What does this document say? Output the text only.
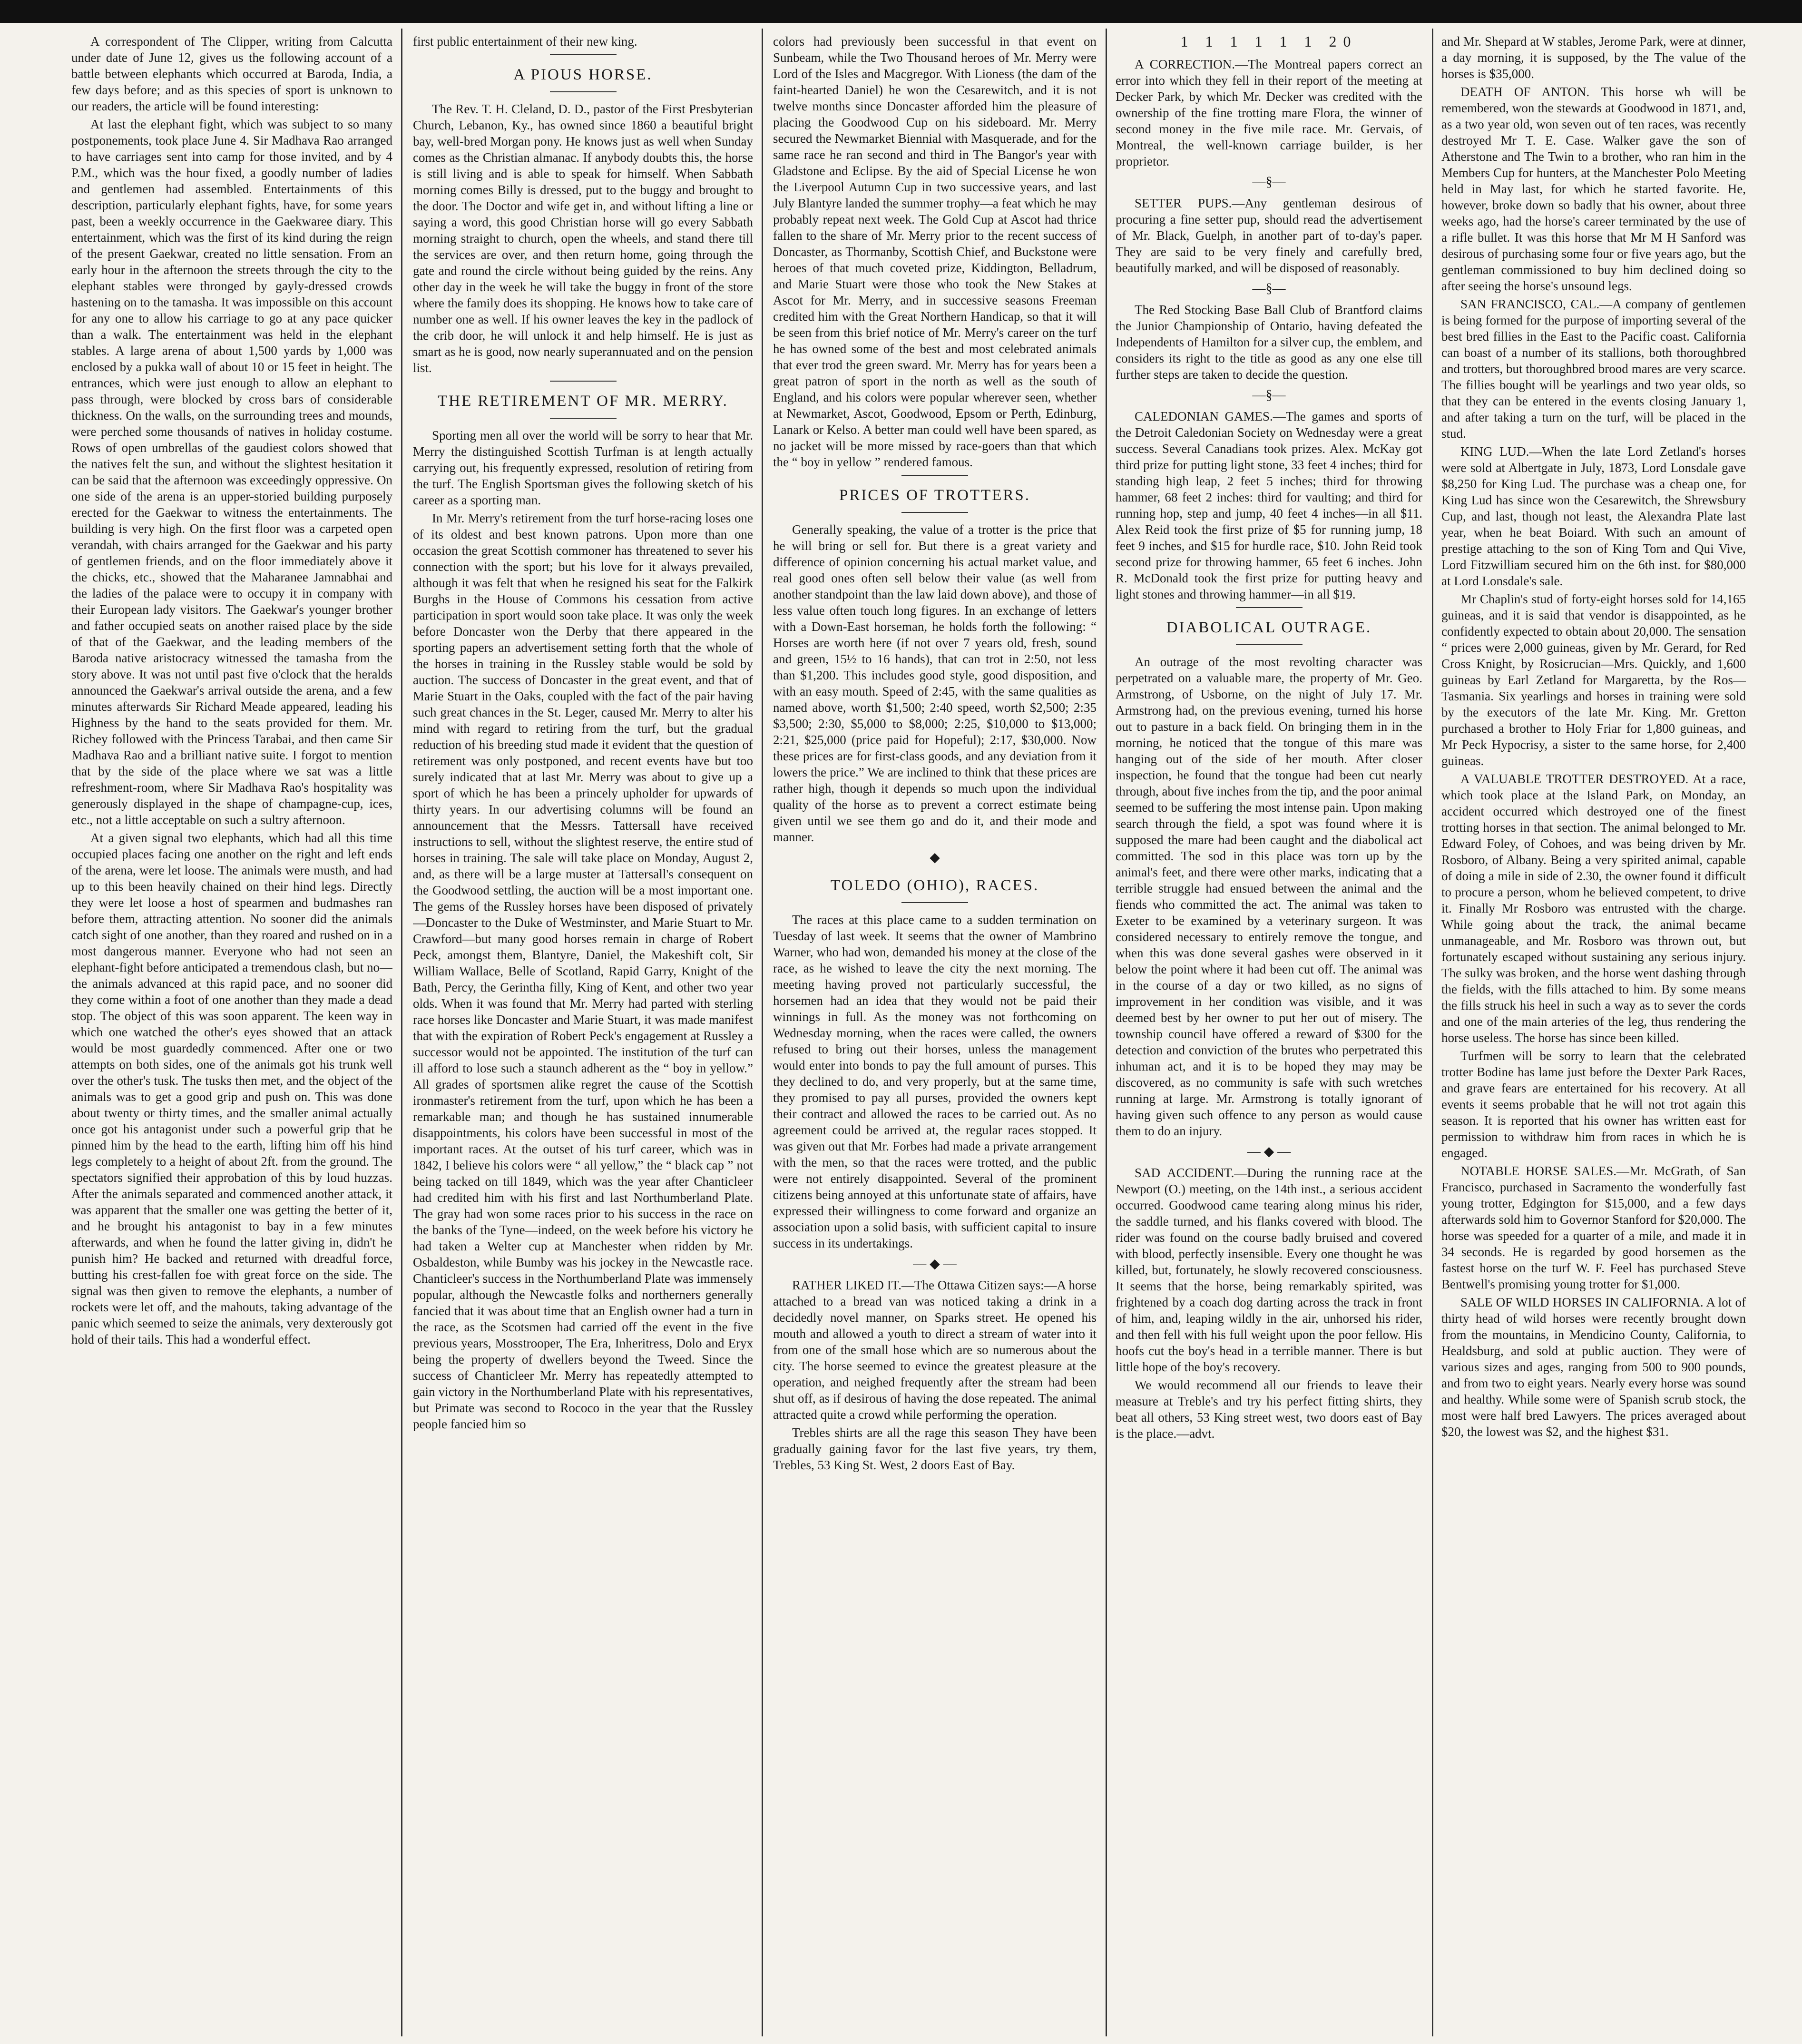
A correspondent of The Clipper, writing from Calcutta under date of June 12, gives us the following account of a battle between elephants which occurred at Baroda, India, a few days before; and as this species of sport is unknown to our readers, the article will be found interesting:

At last the elephant fight, which was subject to so many postponements, took place June 4. Sir Madhava Rao arranged to have carriages sent into camp for those invited, and by 4 P.M., which was the hour fixed, a goodly number of ladies and gentlemen had assembled. Entertainments of this description, particularly elephant fights, have, for some years past, been a weekly occurrence in the Gaekwaree diary. This entertainment, which was the first of its kind during the reign of the present Gaekwar, created no little sensation. From an early hour in the afternoon the streets through the city to the elephant stables were thronged by gayly-dressed crowds hastening on to the tamasha. It was impossible on this account for any one to allow his carriage to go at any pace quicker than a walk. The entertainment was held in the elephant stables. A large arena of about 1,500 yards by 1,000 was enclosed by a pukka wall of about 10 or 15 feet in height. The entrances, which were just enough to allow an elephant to pass through, were blocked by cross bars of considerable thickness. On the walls, on the surrounding trees and mounds, were perched some thousands of natives in holiday costume. Rows of open umbrellas of the gaudiest colors showed that the natives felt the sun, and without the slightest hesitation it can be said that the afternoon was exceedingly oppressive. On one side of the arena is an upper-storied building purposely erected for the Gaekwar to witness the entertainments. The building is very high. On the first floor was a carpeted open verandah, with chairs arranged for the Gaekwar and his party of gentlemen friends, and on the floor immediately above it the chicks, etc., showed that the Maharanee Jamnabhai and the ladies of the palace were to occupy it in company with their European lady visitors. The Gaekwar's younger brother and father occupied seats on another raised place by the side of that of the Gaekwar, and the leading members of the Baroda native aristocracy witnessed the tamasha from the story above. It was not until past five o'clock that the heralds announced the Gaekwar's arrival outside the arena, and a few minutes afterwards Sir Richard Meade appeared, leading his Highness by the hand to the seats provided for them. Mr. Richey followed with the Princess Tarabai, and then came Sir Madhava Rao and a brilliant native suite. I forgot to mention that by the side of the place where we sat was a little refreshment-room, where Sir Madhava Rao's hospitality was generously displayed in the shape of champagne-cup, ices, etc., not a little acceptable on such a sultry afternoon.

At a given signal two elephants, which had all this time occupied places facing one another on the right and left ends of the arena, were let loose. The animals were musth, and had up to this been heavily chained on their hind legs. Directly they were let loose a host of spearmen and budmashes ran before them, attracting attention. No sooner did the animals catch sight of one another, than they roared and rushed on in a most dangerous manner. Everyone who had not seen an elephant-fight before anticipated a tremendous clash, but no—the animals advanced at this rapid pace, and no sooner did they come within a foot of one another than they made a dead stop. The object of this was soon apparent. The keen way in which one watched the other's eyes showed that an attack would be most guardedly commenced. After one or two attempts on both sides, one of the animals got his trunk well over the other's tusk. The tusks then met, and the object of the animals was to get a good grip and push on. This was done about twenty or thirty times, and the smaller animal actually once got his antagonist under such a powerful grip that he pinned him by the head to the earth, lifting him off his hind legs completely to a height of about 2ft. from the ground. The spectators signified their approbation of this by loud huzzas. After the animals separated and commenced another attack, it was apparent that the smaller one was getting the better of it, and he brought his antagonist to bay in a few minutes afterwards, and when he found the latter giving in, didn't he punish him? He backed and returned with dreadful force, butting his crest-fallen foe with great force on the side. The signal was then given to remove the elephants, a number of rockets were let off, and the mahouts, taking advantage of the panic which seemed to seize the animals, very dexterously got hold of their tails. This had a wonderful effect.

first public entertainment of their new king.

A PIOUS HORSE.

The Rev. T. H. Cleland, D. D., pastor of the First Presbyterian Church, Lebanon, Ky., has owned since 1860 a beautiful bright bay, well-bred Morgan pony. He knows just as well when Sunday comes as the Christian almanac. If anybody doubts this, the horse is still living and is able to speak for himself. When Sabbath morning comes Billy is dressed, put to the buggy and brought to the door. The Doctor and wife get in, and without lifting a line or saying a word, this good Christian horse will go every Sabbath morning straight to church, open the wheels, and stand there till the services are over, and then return home, going through the gate and round the circle without being guided by the reins. Any other day in the week he will take the buggy in front of the store where the family does its shopping. He knows how to take care of number one as well. If his owner leaves the key in the padlock of the crib door, he will unlock it and help himself. He is just as smart as he is good, now nearly superannuated and on the pension list.

THE RETIREMENT OF MR. MERRY.

Sporting men all over the world will be sorry to hear that Mr. Merry the distinguished Scottish Turfman is at length actually carrying out, his frequently expressed, resolution of retiring from the turf. The English Sportsman gives the following sketch of his career as a sporting man.

In Mr. Merry's retirement from the turf horse-racing loses one of its oldest and best known patrons. Upon more than one occasion the great Scottish commoner has threatened to sever his connection with the sport; but his love for it always prevailed, although it was felt that when he resigned his seat for the Falkirk Burghs in the House of Commons his cessation from active participation in sport would soon take place. It was only the week before Doncaster won the Derby that there appeared in the sporting papers an advertisement setting forth that the whole of the horses in training in the Russley stable would be sold by auction. The success of Doncaster in the great event, and that of Marie Stuart in the Oaks, coupled with the fact of the pair having such great chances in the St. Leger, caused Mr. Merry to alter his mind with regard to retiring from the turf, but the gradual reduction of his breeding stud made it evident that the question of retirement was only postponed, and recent events have but too surely indicated that at last Mr. Merry was about to give up a sport of which he has been a princely upholder for upwards of thirty years. In our advertising columns will be found an announcement that the Messrs. Tattersall have received instructions to sell, without the slightest reserve, the entire stud of horses in training. The sale will take place on Monday, August 2, and, as there will be a large muster at Tattersall's consequent on the Goodwood settling, the auction will be a most important one. The gems of the Russley horses have been disposed of privately—Doncaster to the Duke of Westminster, and Marie Stuart to Mr. Crawford—but many good horses remain in charge of Robert Peck, amongst them, Blantyre, Daniel, the Makeshift colt, Sir William Wallace, Belle of Scotland, Rapid Garry, Knight of the Bath, Percy, the Gerintha filly, King of Kent, and other two year olds. When it was found that Mr. Merry had parted with sterling race horses like Doncaster and Marie Stuart, it was made manifest that with the expiration of Robert Peck's engagement at Russley a successor would not be appointed. The institution of the turf can ill afford to lose such a staunch adherent as the “ boy in yellow.” All grades of sportsmen alike regret the cause of the Scottish ironmaster's retirement from the turf, upon which he has been a remarkable man; and though he has sustained innumerable disappointments, his colors have been successful in most of the important races. At the outset of his turf career, which was in 1842, I believe his colors were “ all yellow,” the “ black cap ” not being tacked on till 1849, which was the year after Chanticleer had credited him with his first and last Northumberland Plate. The gray had won some races prior to his success in the race on the banks of the Tyne—indeed, on the week before his victory he had taken a Welter cup at Manchester when ridden by Mr. Osbaldeston, while Bumby was his jockey in the Newcastle race. Chanticleer's success in the Northumberland Plate was immensely popular, although the Newcastle folks and northerners generally fancied that it was about time that an English owner had a turn in the race, as the Scotsmen had carried off the event in the five previous years, Mosstrooper, The Era, Inheritress, Dolo and Eryx being the property of dwellers beyond the Tweed. Since the success of Chanticleer Mr. Merry has repeatedly attempted to gain victory in the Northumberland Plate with his representatives, but Primate was second to Rococo in the year that the Russley people fancied him so

colors had previously been successful in that event on Sunbeam, while the Two Thousand heroes of Mr. Merry were Lord of the Isles and Macgregor. With Lioness (the dam of the faint-hearted Daniel) he won the Cesarewitch, and it is not twelve months since Doncaster afforded him the pleasure of placing the Goodwood Cup on his sideboard. Mr. Merry secured the Newmarket Biennial with Masquerade, and for the same race he ran second and third in The Bangor's year with Gladstone and Eclipse. By the aid of Special License he won the Liverpool Autumn Cup in two successive years, and last July Blantyre landed the summer trophy—a feat which he may probably repeat next week. The Gold Cup at Ascot had thrice fallen to the share of Mr. Merry prior to the recent success of Doncaster, as Thormanby, Scottish Chief, and Buckstone were heroes of that much coveted prize, Kiddington, Belladrum, and Marie Stuart were those who took the New Stakes at Ascot for Mr. Merry, and in successive seasons Freeman credited him with the Great Northern Handicap, so that it will be seen from this brief notice of Mr. Merry's career on the turf he has owned some of the best and most celebrated animals that ever trod the green sward. Mr. Merry has for years been a great patron of sport in the north as well as the south of England, and his colors were popular wherever seen, whether at Newmarket, Ascot, Goodwood, Epsom or Perth, Edinburg, Lanark or Kelso. A better man could well have been spared, as no jacket will be more missed by race-goers than that which the “ boy in yellow ” rendered famous.

PRICES OF TROTTERS.

Generally speaking, the value of a trotter is the price that he will bring or sell for. But there is a great variety and difference of opinion concerning his actual market value, and real good ones often sell below their value (as well from another standpoint than the law laid down above), and those of less value often touch long figures. In an exchange of letters with a Down-East horseman, he holds forth the following: “ Horses are worth here (if not over 7 years old, fresh, sound and green, 15½ to 16 hands), that can trot in 2:50, not less than $1,200. This includes good style, good disposition, and with an easy mouth. Speed of 2:45, with the same qualities as named above, worth $1,500; 2:40 speed, worth $2,500; 2:35 $3,500; 2:30, $5,000 to $8,000; 2:25, $10,000 to $13,000; 2:21, $25,000 (price paid for Hopeful); 2:17, $30,000. Now these prices are for first-class goods, and any deviation from it lowers the price.” We are inclined to think that these prices are rather high, though it depends so much upon the individual quality of the horse as to prevent a correct estimate being given until we see them go and do it, and their mode and manner.

◆
TOLEDO (OHIO), RACES.

The races at this place came to a sudden termination on Tuesday of last week. It seems that the owner of Mambrino Warner, who had won, demanded his money at the close of the race, as he wished to leave the city the next morning. The meeting having proved not particularly successful, the horsemen had an idea that they would not be paid their winnings in full. As the money was not forthcoming on Wednesday morning, when the races were called, the owners refused to bring out their horses, unless the management would enter into bonds to pay the full amount of purses. This they declined to do, and very properly, but at the same time, they promised to pay all purses, provided the owners kept their contract and allowed the races to be carried out. As no agreement could be arrived at, the regular races stopped. It was given out that Mr. Forbes had made a private arrangement with the men, so that the races were trotted, and the public were not entirely disappointed. Several of the prominent citizens being annoyed at this unfortunate state of affairs, have expressed their willingness to come forward and organize an association upon a solid basis, with sufficient capital to insure success in its undertakings.

— ◆ —

RATHER LIKED IT.—The Ottawa Citizen says:—A horse attached to a bread van was noticed taking a drink in a decidedly novel manner, on Sparks street. He opened his mouth and allowed a youth to direct a stream of water into it from one of the small hose which are so numerous about the city. The horse seemed to evince the greatest pleasure at the operation, and neighed frequently after the stream had been shut off, as if desirous of having the dose repeated. The animal attracted quite a crowd while performing the operation.

Trebles shirts are all the rage this season They have been gradually gaining favor for the last five years, try them, Trebles, 53 King St. West, 2 doors East of Bay.

1 1 1 1 1 1 20

A CORRECTION.—The Montreal papers correct an error into which they fell in their report of the meeting at Decker Park, by which Mr. Decker was credited with the ownership of the fine trotting mare Flora, the winner of second money in the five mile race. Mr. Gervais, of Montreal, the well-known carriage builder, is her proprietor.

—§—

SETTER PUPS.—Any gentleman desirous of procuring a fine setter pup, should read the advertisement of Mr. Black, Guelph, in another part of to-day's paper. They are said to be very finely and carefully bred, beautifully marked, and will be disposed of reasonably.

—§—

The Red Stocking Base Ball Club of Brantford claims the Junior Championship of Ontario, having defeated the Independents of Hamilton for a silver cup, the emblem, and considers its right to the title as good as any one else till further steps are taken to decide the question.

—§—

CALEDONIAN GAMES.—The games and sports of the Detroit Caledonian Society on Wednesday were a great success. Several Canadians took prizes. Alex. McKay got third prize for putting light stone, 33 feet 4 inches; third for standing high leap, 2 feet 5 inches; third for throwing hammer, 68 feet 2 inches: third for vaulting; and third for running hop, step and jump, 40 feet 4 inches—in all $11. Alex Reid took the first prize of $5 for running jump, 18 feet 9 inches, and $15 for hurdle race, $10. John Reid took second prize for throwing hammer, 65 feet 6 inches. John R. McDonald took the first prize for putting heavy and light stones and throwing hammer—in all $19.

DIABOLICAL OUTRAGE.

An outrage of the most revolting character was perpetrated on a valuable mare, the property of Mr. Geo. Armstrong, of Usborne, on the night of July 17. Mr. Armstrong had, on the previous evening, turned his horse out to pasture in a back field. On bringing them in in the morning, he noticed that the tongue of this mare was hanging out of the side of her mouth. After closer inspection, he found that the tongue had been cut nearly through, about five inches from the tip, and the poor animal seemed to be suffering the most intense pain. Upon making search through the field, a spot was found where it is supposed the mare had been caught and the diabolical act committed. The sod in this place was torn up by the animal's feet, and there were other marks, indicating that a terrible struggle had ensued between the animal and the fiends who committed the act. The animal was taken to Exeter to be examined by a veterinary surgeon. It was considered necessary to entirely remove the tongue, and when this was done several gashes were observed in it below the point where it had been cut off. The animal was in the course of a day or two killed, as no signs of improvement in her condition was visible, and it was deemed best by her owner to put her out of misery. The township council have offered a reward of $300 for the detection and conviction of the brutes who perpetrated this inhuman act, and it is to be hoped they may may be discovered, as no community is safe with such wretches running at large. Mr. Armstrong is totally ignorant of having given such offence to any person as would cause them to do an injury.

— ◆ —

SAD ACCIDENT.—During the running race at the Newport (O.) meeting, on the 14th inst., a serious accident occurred. Goodwood came tearing along minus his rider, the saddle turned, and his flanks covered with blood. The rider was found on the course badly bruised and covered with blood, perfectly insensible. Every one thought he was killed, but, fortunately, he slowly recovered consciousness. It seems that the horse, being remarkably spirited, was frightened by a coach dog darting across the track in front of him, and, leaping wildly in the air, unhorsed his rider, and then fell with his full weight upon the poor fellow. His hoofs cut the boy's head in a terrible manner. There is but little hope of the boy's recovery.

We would recommend all our friends to leave their measure at Treble's and try his perfect fitting shirts, they beat all others, 53 King street west, two doors east of Bay is the place.—advt.

and Mr. Shepard at W stables, Jerome Park, were at dinner, a day morning, it is supposed, by the The value of the horses is $35,000.

DEATH OF ANTON. This horse wh will be remembered, won the stewards at Goodwood in 1871, and, as a two year old, won seven out of ten races, was recently destroyed Mr T. E. Case. Walker gave the son of Atherstone and The Twin to a brother, who ran him in the Members Cup for hunters, at the Manchester Polo Meeting held in May last, for which he started favorite. He, however, broke down so badly that his owner, about three weeks ago, had the horse's career terminated by the use of a rifle bullet. It was this horse that Mr M H Sanford was desirous of purchasing some four or five years ago, but the gentleman commissioned to buy him declined doing so after seeing the horse's unsound legs.

SAN FRANCISCO, CAL.—A company of gentlemen is being formed for the purpose of importing several of the best bred fillies in the East to the Pacific coast. California can boast of a number of its stallions, both thoroughbred and trotters, but thoroughbred brood mares are very scarce. The fillies bought will be yearlings and two year olds, so that they can be entered in the events closing January 1, and after taking a turn on the turf, will be placed in the stud.

KING LUD.—When the late Lord Zetland's horses were sold at Albertgate in July, 1873, Lord Lonsdale gave $8,250 for King Lud. The purchase was a cheap one, for King Lud has since won the Cesarewitch, the Shrewsbury Cup, and last, though not least, the Alexandra Plate last year, when he beat Boiard. With such an amount of prestige attaching to the son of King Tom and Qui Vive, Lord Fitzwilliam secured him on the 6th inst. for $80,000 at Lord Lonsdale's sale.

Mr Chaplin's stud of forty-eight horses sold for 14,165 guineas, and it is said that vendor is disappointed, as he confidently expected to obtain about 20,000. The sensation “ prices were 2,000 guineas, given by Mr. Gerard, for Red Cross Knight, by Rosicrucian—Mrs. Quickly, and 1,600 guineas by Earl Zetland for Margaretta, by the Ros—Tasmania. Six yearlings and horses in training were sold by the executors of the late Mr. King. Mr. Gretton purchased a brother to Holy Friar for 1,800 guineas, and Mr Peck Hypocrisy, a sister to the same horse, for 2,400 guineas.

A VALUABLE TROTTER DESTROYED. At a race, which took place at the Island Park, on Monday, an accident occurred which destroyed one of the finest trotting horses in that section. The animal belonged to Mr. Edward Foley, of Cohoes, and was being driven by Mr. Rosboro, of Albany. Being a very spirited animal, capable of doing a mile in side of 2.30, the owner found it difficult to procure a person, whom he believed competent, to drive it. Finally Mr Rosboro was entrusted with the charge. While going about the track, the animal became unmanageable, and Mr. Rosboro was thrown out, but fortunately escaped without sustaining any serious injury. The sulky was broken, and the horse went dashing through the fields, with the fills attached to him. By some means the fills struck his heel in such a way as to sever the cords and one of the main arteries of the leg, thus rendering the horse useless. The horse has since been killed.

Turfmen will be sorry to learn that the celebrated trotter Bodine has lame just before the Dexter Park Races, and grave fears are entertained for his recovery. At all events it seems probable that he will not trot again this season. It is reported that his owner has written east for permission to withdraw him from races in which he is engaged.

NOTABLE HORSE SALES.—Mr. McGrath, of San Francisco, purchased in Sacramento the wonderfully fast young trotter, Edgington for $15,000, and a few days afterwards sold him to Governor Stanford for $20,000. The horse was speeded for a quarter of a mile, and made it in 34 seconds. He is regarded by good horsemen as the fastest horse on the turf W. F. Feel has purchased Steve Bentwell's promising young trotter for $1,000.

SALE OF WILD HORSES IN CALIFORNIA. A lot of thirty head of wild horses were recently brought down from the mountains, in Mendicino County, California, to Healdsburg, and sold at public auction. They were of various sizes and ages, ranging from 500 to 900 pounds, and from two to eight years. Nearly every horse was sound and healthy. While some were of Spanish scrub stock, the most were half bred Lawyers. The prices averaged about $20, the lowest was $2, and the highest $31.
